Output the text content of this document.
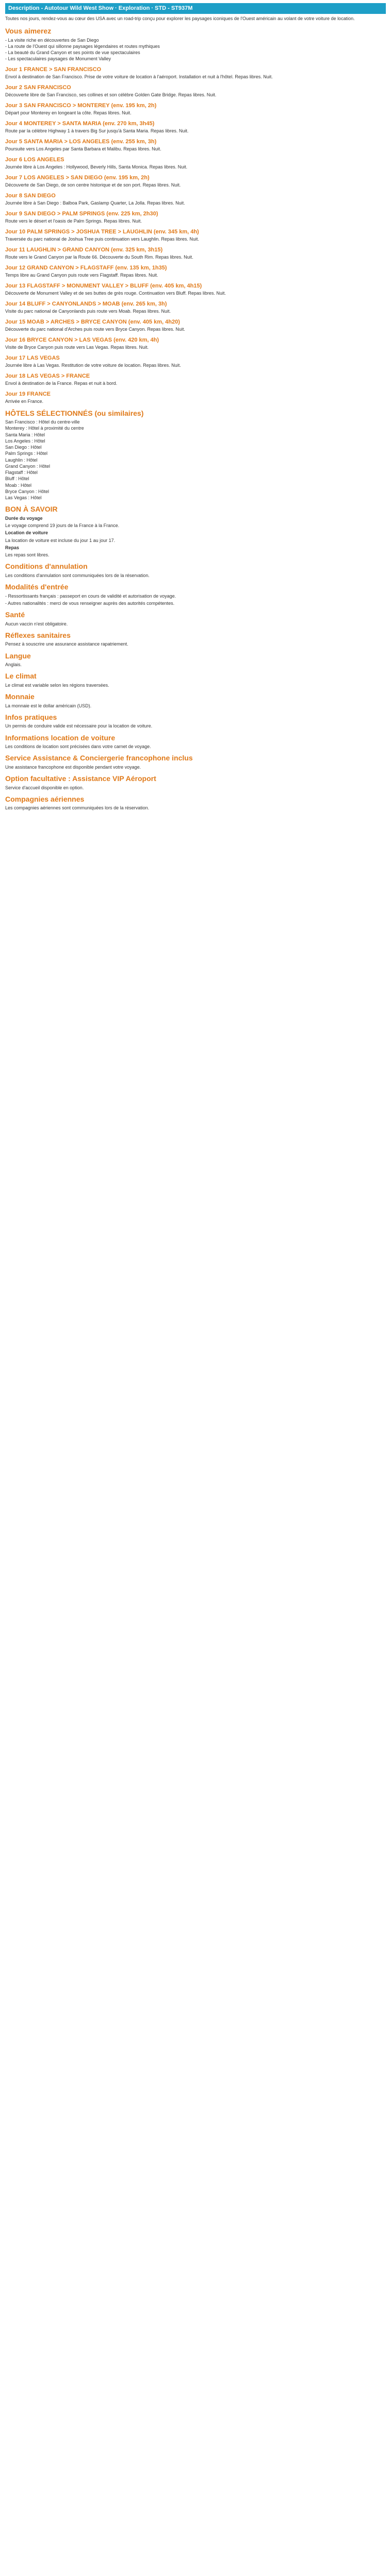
Description - Autotour Wild West Show · Exploration · STD - ST937M

Toutes nos jours, rendez-vous au cœur des USA avec un road-trip conçu pour explorer les paysages iconiques de l'Ouest américain au volant de votre voiture de location.

Vous aimerez
- La visite riche en découvertes de San Diego
- La route de l'Ouest qui sillonne paysages légendaires et routes mythiques
- La beauté du Grand Canyon et ses points de vue spectaculaires
- Les spectaculaires paysages de Monument Valley
Jour 1 FRANCE > SAN FRANCISCO

Envol à destination de San Francisco. Prise de votre voiture de location à l'aéroport. Installation et nuit à l'hôtel. Repas libres. Nuit.

Jour 2 SAN FRANCISCO

Découverte libre de San Francisco, ses collines et son célèbre Golden Gate Bridge. Repas libres. Nuit.

Jour 3 SAN FRANCISCO > MONTEREY (env. 195 km, 2h)

Départ pour Monterey en longeant la côte. Repas libres. Nuit.

Jour 4 MONTEREY > SANTA MARIA (env. 270 km, 3h45)

Route par la célèbre Highway 1 à travers Big Sur jusqu'à Santa Maria. Repas libres. Nuit.

Jour 5 SANTA MARIA > LOS ANGELES (env. 255 km, 3h)

Poursuite vers Los Angeles par Santa Barbara et Malibu. Repas libres. Nuit.

Jour 6 LOS ANGELES

Journée libre à Los Angeles : Hollywood, Beverly Hills, Santa Monica. Repas libres. Nuit.

Jour 7 LOS ANGELES > SAN DIEGO (env. 195 km, 2h)

Découverte de San Diego, de son centre historique et de son port. Repas libres. Nuit.

Jour 8 SAN DIEGO

Journée libre à San Diego : Balboa Park, Gaslamp Quarter, La Jolla. Repas libres. Nuit.

Jour 9 SAN DIEGO > PALM SPRINGS (env. 225 km, 2h30)

Route vers le désert et l'oasis de Palm Springs. Repas libres. Nuit.

Jour 10 PALM SPRINGS > JOSHUA TREE > LAUGHLIN (env. 345 km, 4h)

Traversée du parc national de Joshua Tree puis continuation vers Laughlin. Repas libres. Nuit.

Jour 11 LAUGHLIN > GRAND CANYON (env. 325 km, 3h15)

Route vers le Grand Canyon par la Route 66. Découverte du South Rim. Repas libres. Nuit.

Jour 12 GRAND CANYON > FLAGSTAFF (env. 135 km, 1h35)

Temps libre au Grand Canyon puis route vers Flagstaff. Repas libres. Nuit.

Jour 13 FLAGSTAFF > MONUMENT VALLEY > BLUFF (env. 405 km, 4h15)

Découverte de Monument Valley et de ses buttes de grès rouge. Continuation vers Bluff. Repas libres. Nuit.

Jour 14 BLUFF > CANYONLANDS > MOAB (env. 265 km, 3h)

Visite du parc national de Canyonlands puis route vers Moab. Repas libres. Nuit.

Jour 15 MOAB > ARCHES > BRYCE CANYON (env. 405 km, 4h20)

Découverte du parc national d'Arches puis route vers Bryce Canyon. Repas libres. Nuit.

Jour 16 BRYCE CANYON > LAS VEGAS (env. 420 km, 4h)

Visite de Bryce Canyon puis route vers Las Vegas. Repas libres. Nuit.

Jour 17 LAS VEGAS

Journée libre à Las Vegas. Restitution de votre voiture de location. Repas libres. Nuit.

Jour 18 LAS VEGAS > FRANCE

Envol à destination de la France. Repas et nuit à bord.

Jour 19 FRANCE

Arrivée en France.

HÔTELS SÉLECTIONNÉS (ou similaires)
San Francisco : Hôtel du centre-ville
Monterey : Hôtel à proximité du centre
Santa Maria : Hôtel
Los Angeles : Hôtel
San Diego : Hôtel
Palm Springs : Hôtel
Laughlin : Hôtel
Grand Canyon : Hôtel
Flagstaff : Hôtel
Bluff : Hôtel
Moab : Hôtel
Bryce Canyon : Hôtel
Las Vegas : Hôtel
BON À SAVOIR

Durée du voyage

Le voyage comprend 19 jours de la France à la France.

Location de voiture

La location de voiture est incluse du jour 1 au jour 17.

Repas

Les repas sont libres.

Conditions d'annulation
Les conditions d'annulation sont communiquées lors de la réservation.
Modalités d'entrée

- Ressortissants français : passeport en cours de validité et autorisation de voyage.

- Autres nationalités : merci de vous renseigner auprès des autorités compétentes.

Santé

Aucun vaccin n'est obligatoire.

Réflexes sanitaires

Pensez à souscrire une assurance assistance rapatriement.

Langue

Anglais.

Le climat

Le climat est variable selon les régions traversées.

Monnaie

La monnaie est le dollar américain (USD).

Infos pratiques

Un permis de conduire valide est nécessaire pour la location de voiture.

Informations location de voiture

Les conditions de location sont précisées dans votre carnet de voyage.

Service Assistance & Conciergerie francophone inclus

Une assistance francophone est disponible pendant votre voyage.

Option facultative : Assistance VIP Aéroport

Service d'accueil disponible en option.

Compagnies aériennes

Les compagnies aériennes sont communiquées lors de la réservation.
